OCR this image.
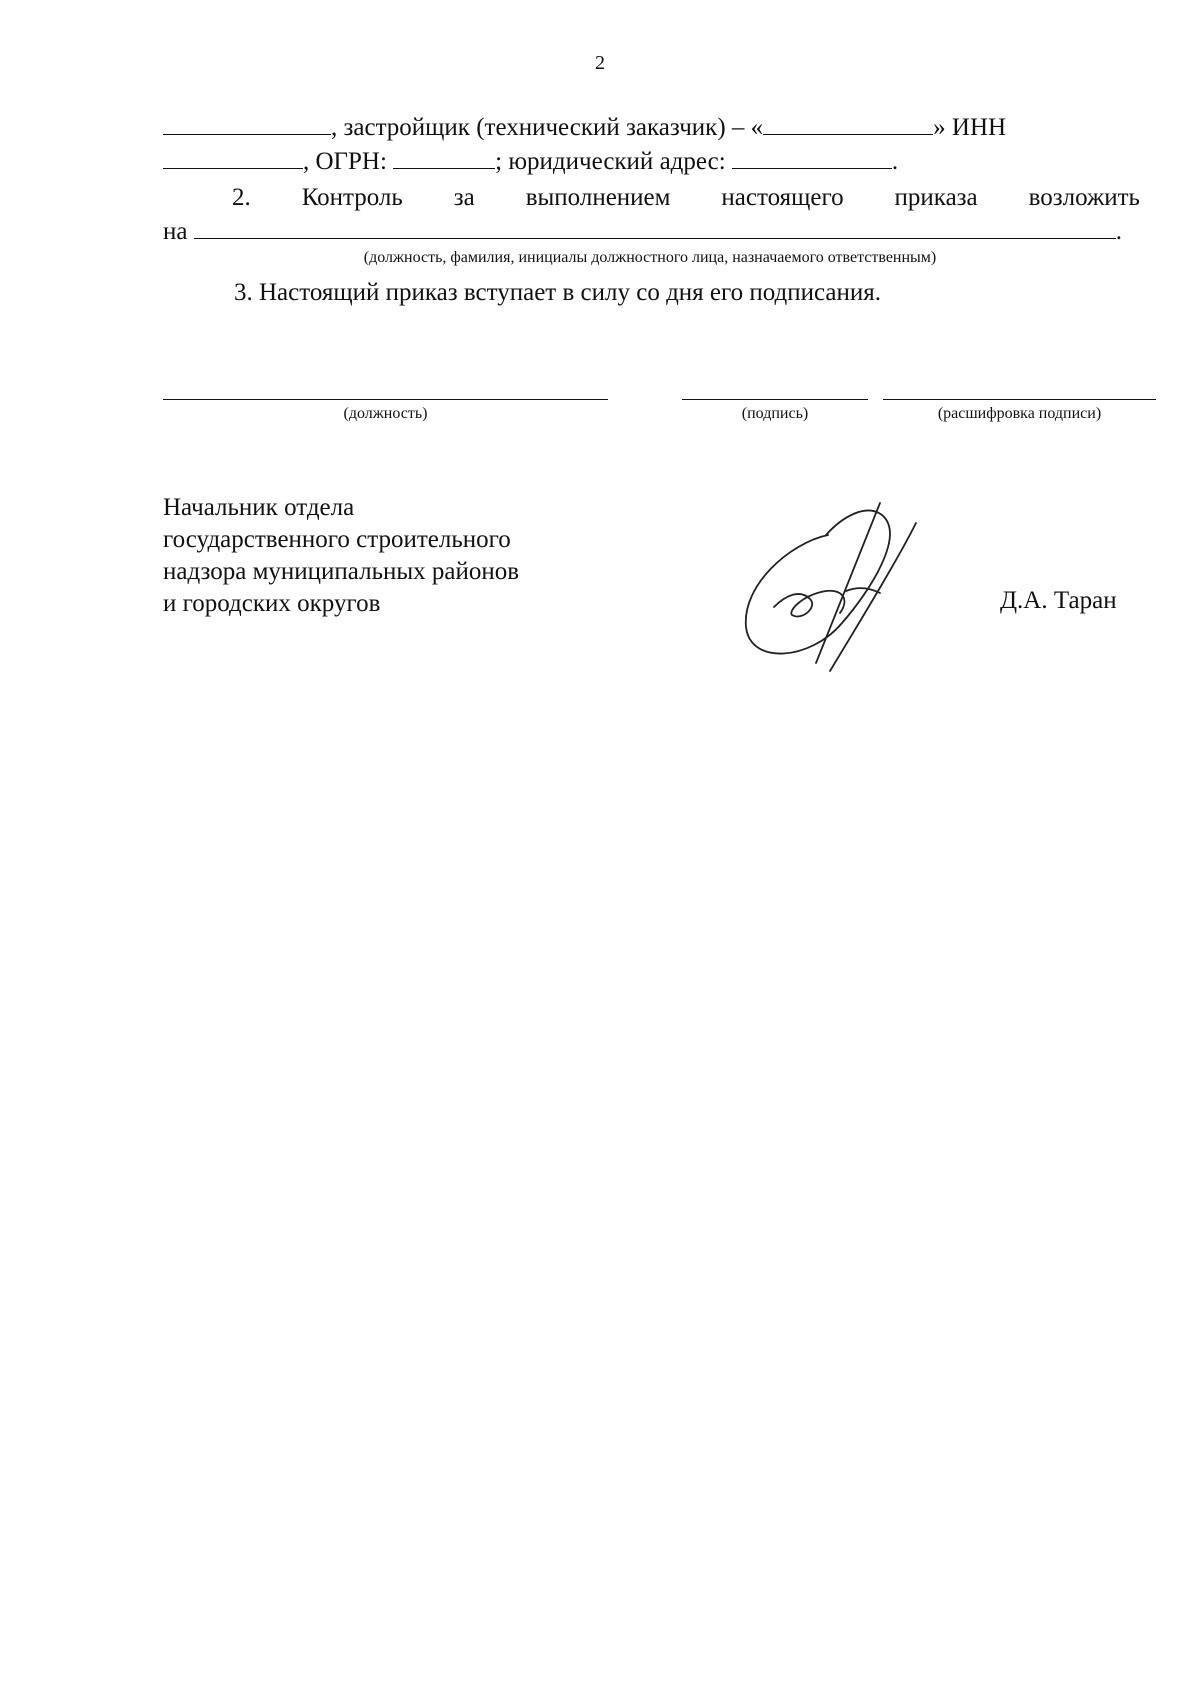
2
, застройщик (технический заказчик) – «	» ИНН
, ОГРН:	; юридический адрес:	.
2. Контроль за выполнением настоящего приказа возложить
на	.
(должность, фамилия, инициалы должностного лица, назначаемого ответственным)
3. Настоящий приказ вступает в силу со дня его подписания.
(должность)	(подпись)	(расшифровка подписи)
Начальник отдела
государственного строительного
надзора муниципальных районов
и городских округов	Д.А. Таран
